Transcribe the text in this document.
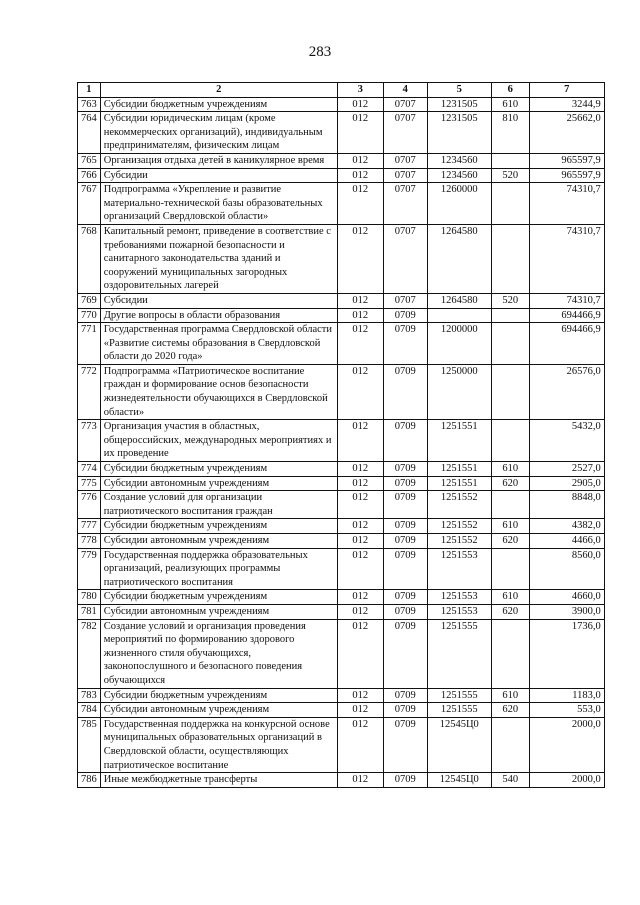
283
1	2	3	4	5	6	7
763	Субсидии бюджетным учреждениям	012	0707	1231505	610	3244,9
764	Субсидии юридическим лицам (кроме некоммерческих организаций), индивидуальным предпринимателям, физическим лицам	012	0707	1231505	810	25662,0
765	Организация отдыха детей в каникулярное время	012	0707	1234560		965597,9
766	Субсидии	012	0707	1234560	520	965597,9
767	Подпрограмма «Укрепление и развитие материально-технической базы образовательных организаций Свердловской области»	012	0707	1260000		74310,7
768	Капитальный ремонт, приведение в соответствие с требованиями пожарной безопасности и санитарного законодательства зданий и сооружений муниципальных загородных оздоровительных лагерей	012	0707	1264580		74310,7
769	Субсидии	012	0707	1264580	520	74310,7
770	Другие вопросы в области образования	012	0709			694466,9
771	Государственная программа Свердловской области «Развитие системы образования в Свердловской области до 2020 года»	012	0709	1200000		694466,9
772	Подпрограмма «Патриотическое воспитание граждан и формирование основ безопасности жизнедеятельности обучающихся в Свердловской области»	012	0709	1250000		26576,0
773	Организация участия в областных, общероссийских, международных мероприятиях и их проведение	012	0709	1251551		5432,0
774	Субсидии бюджетным учреждениям	012	0709	1251551	610	2527,0
775	Субсидии автономным учреждениям	012	0709	1251551	620	2905,0
776	Создание условий для организации патриотического воспитания граждан	012	0709	1251552		8848,0
777	Субсидии бюджетным учреждениям	012	0709	1251552	610	4382,0
778	Субсидии автономным учреждениям	012	0709	1251552	620	4466,0
779	Государственная поддержка образовательных организаций, реализующих программы патриотического воспитания	012	0709	1251553		8560,0
780	Субсидии бюджетным учреждениям	012	0709	1251553	610	4660,0
781	Субсидии автономным учреждениям	012	0709	1251553	620	3900,0
782	Создание условий и организация проведения мероприятий по формированию здорового жизненного стиля обучающихся, законопослушного и безопасного поведения обучающихся	012	0709	1251555		1736,0
783	Субсидии бюджетным учреждениям	012	0709	1251555	610	1183,0
784	Субсидии автономным учреждениям	012	0709	1251555	620	553,0
785	Государственная поддержка на конкурсной основе муниципальных образовательных организаций в Свердловской области, осуществляющих патриотическое воспитание	012	0709	12545Ц0		2000,0
786	Иные межбюджетные трансферты	012	0709	12545Ц0	540	2000,0
